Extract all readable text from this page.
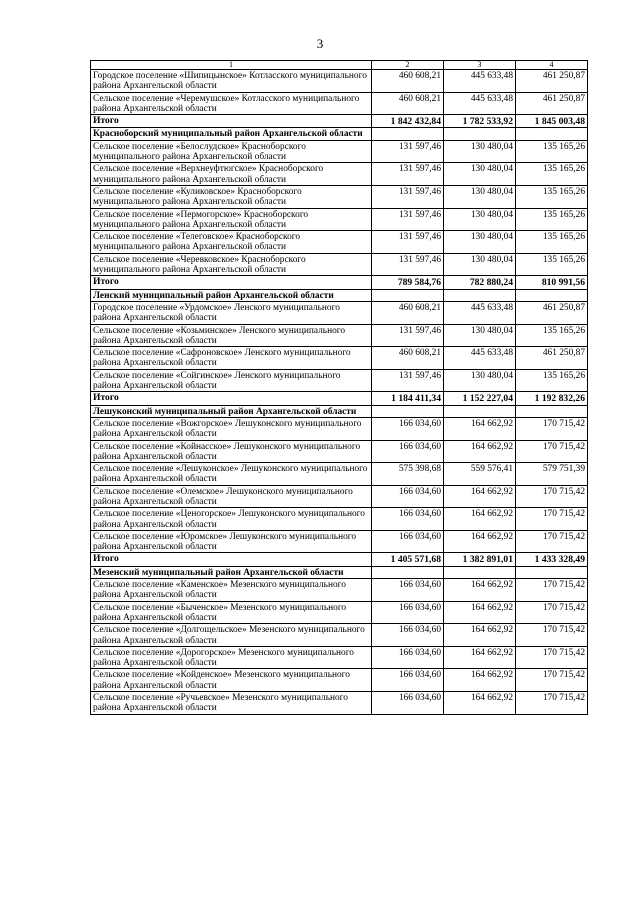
3
1	2	3	4
Городское поселение «Шипицынское» Котласского муниципального района Архангельской области	460 608,21	445 633,48	461 250,87
Сельское поселение «Черемушское» Котласского муниципального района Архангельской области	460 608,21	445 633,48	461 250,87
Итого	1 842 432,84	1 782 533,92	1 845 003,48
Красноборский муниципальный район Архангельской области			
Сельское поселение «Белослудское» Красноборского муниципального района Архангельской области	131 597,46	130 480,04	135 165,26
Сельское поселение «Верхнеуфтюгское» Красноборского муниципального района Архангельской области	131 597,46	130 480,04	135 165,26
Сельское поселение «Куликовское» Красноборского муниципального района Архангельской области	131 597,46	130 480,04	135 165,26
Сельское поселение «Пермогорское» Красноборского муниципального района Архангельской области	131 597,46	130 480,04	135 165,26
Сельское поселение «Телеговское» Красноборского муниципального района Архангельской области	131 597,46	130 480,04	135 165,26
Сельское поселение «Черевковское» Красноборского муниципального района Архангельской области	131 597,46	130 480,04	135 165,26
Итого	789 584,76	782 880,24	810 991,56
Ленский муниципальный район Архангельской области			
Городское поселение «Урдомское» Ленского муниципального района Архангельской области	460 608,21	445 633,48	461 250,87
Сельское поселение «Козьминское» Ленского муниципального района Архангельской области	131 597,46	130 480,04	135 165,26
Сельское поселение «Сафроновское» Ленского муниципального района Архангельской области	460 608,21	445 633,48	461 250,87
Сельское поселение «Сойгинское» Ленского муниципального района Архангельской области	131 597,46	130 480,04	135 165,26
Итого	1 184 411,34	1 152 227,04	1 192 832,26
Лешуконский муниципальный район Архангельской области			
Сельское поселение «Вожгорское» Лешуконского муниципального района Архангельской области	166 034,60	164 662,92	170 715,42
Сельское поселение «Койнасское» Лешуконского муниципального района Архангельской области	166 034,60	164 662,92	170 715,42
Сельское поселение «Лешуконское» Лешуконского муниципального района Архангельской области	575 398,68	559 576,41	579 751,39
Сельское поселение «Олемское» Лешуконского муниципального района Архангельской области	166 034,60	164 662,92	170 715,42
Сельское поселение «Ценогорское» Лешуконского муниципального района Архангельской области	166 034,60	164 662,92	170 715,42
Сельское поселение «Юромское» Лешуконского муниципального района Архангельской области	166 034,60	164 662,92	170 715,42
Итого	1 405 571,68	1 382 891,01	1 433 328,49
Мезенский муниципальный район Архангельской области			
Сельское поселение «Каменское» Мезенского муниципального района Архангельской области	166 034,60	164 662,92	170 715,42
Сельское поселение «Быченское» Мезенского муниципального района Архангельской области	166 034,60	164 662,92	170 715,42
Сельское поселение «Долгощельское» Мезенского муниципального района Архангельской области	166 034,60	164 662,92	170 715,42
Сельское поселение «Дорогорское» Мезенского муниципального района Архангельской области	166 034,60	164 662,92	170 715,42
Сельское поселение «Койденское» Мезенского муниципального района Архангельской области	166 034,60	164 662,92	170 715,42
Сельское поселение «Ручьевское» Мезенского муниципального района Архангельской области	166 034,60	164 662,92	170 715,42
